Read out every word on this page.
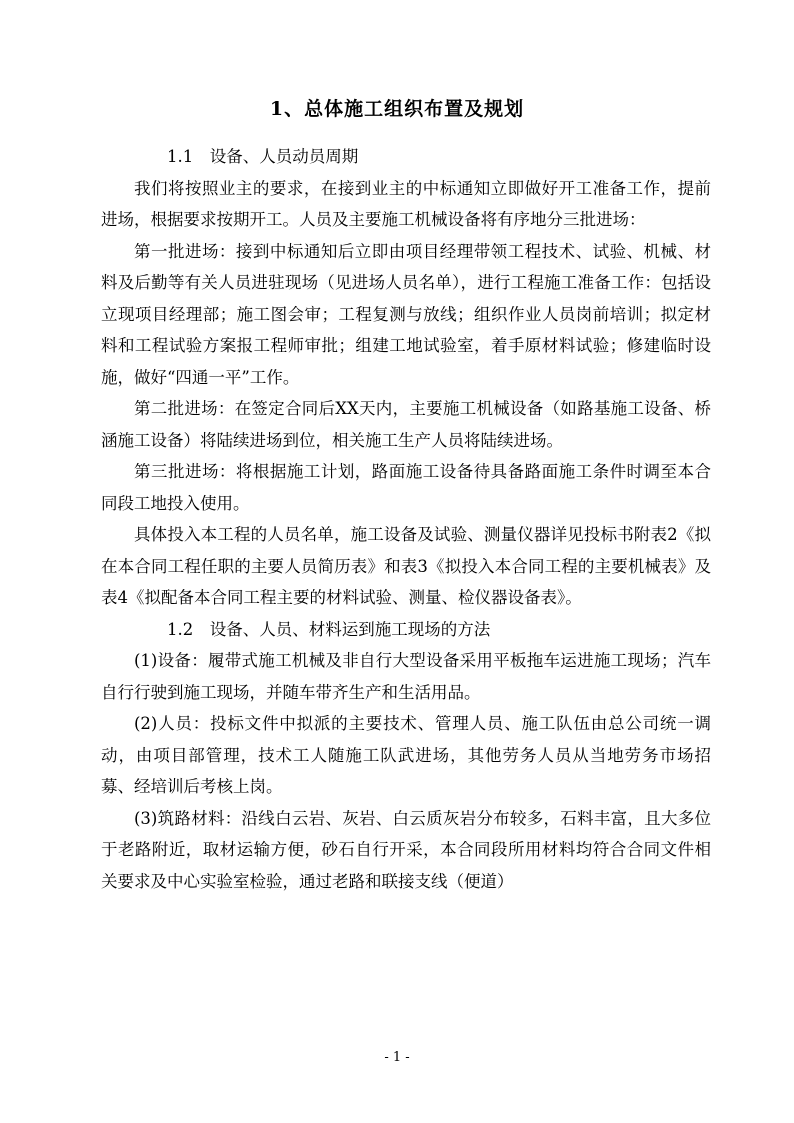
1、总体施工组织布置及规划

1.1 设备、人员动员周期

我们将按照业主的要求，在接到业主的中标通知立即做好开工准备工作，提前进场，根据要求按期开工。人员及主要施工机械设备将有序地分三批进场：

第一批进场：接到中标通知后立即由项目经理带领工程技术、试验、机械、材料及后勤等有关人员进驻现场（见进场人员名单），进行工程施工准备工作：包括设立现项目经理部；施工图会审；工程复测与放线；组织作业人员岗前培训；拟定材料和工程试验方案报工程师审批；组建工地试验室，着手原材料试验；修建临时设施，做好“四通一平”工作。

第二批进场：在签定合同后XX天内，主要施工机械设备（如路基施工设备、桥涵施工设备）将陆续进场到位，相关施工生产人员将陆续进场。

第三批进场：将根据施工计划，路面施工设备待具备路面施工条件时调至本合同段工地投入使用。

具体投入本工程的人员名单，施工设备及试验、测量仪器详见投标书附表2《拟在本合同工程任职的主要人员简历表》和表3《拟投入本合同工程的主要机械表》及表4《拟配备本合同工程主要的材料试验、测量、检仪器设备表》。

1.2 设备、人员、材料运到施工现场的方法

(1)设备：履带式施工机械及非自行大型设备采用平板拖车运进施工现场；汽车自行行驶到施工现场，并随车带齐生产和生活用品。

(2)人员：投标文件中拟派的主要技术、管理人员、施工队伍由总公司统一调动，由项目部管理，技术工人随施工队武进场，其他劳务人员从当地劳务市场招募、经培训后考核上岗。

(3)筑路材料：沿线白云岩、灰岩、白云质灰岩分布较多，石料丰富，且大多位于老路附近，取材运输方便，砂石自行开采，本合同段所用材料均符合合同文件相关要求及中心实验室检验，通过老路和联接支线（便道）

- 1 -
